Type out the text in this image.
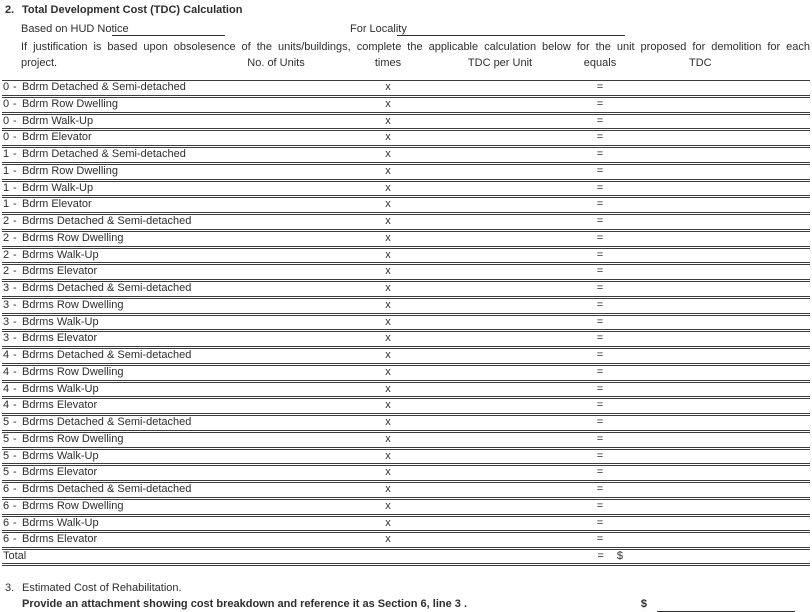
2. Total Development Cost (TDC) Calculation
Based on HUD Notice	For Locality
If justification is based upon obsolesence of the units/buildings, complete the applicable calculation below for the unit proposed for demolition for each
project.	No. of Units	times	TDC per Unit	equals	TDC
0 - Bdrm Detached & Semi-detached	x	=
0 - Bdrm Row Dwelling	x	=
0 - Bdrm Walk-Up	x	=
0 - Bdrm Elevator	x	=
1 - Bdrm Detached & Semi-detached	x	=
1 - Bdrm Row Dwelling	x	=
1 - Bdrm Walk-Up	x	=
1 - Bdrm Elevator	x	=
2 - Bdrms Detached & Semi-detached	x	=
2 - Bdrms Row Dwelling	x	=
2 - Bdrms Walk-Up	x	=
2 - Bdrms Elevator	x	=
3 - Bdrms Detached & Semi-detached	x	=
3 - Bdrms Row Dwelling	x	=
3 - Bdrms Walk-Up	x	=
3 - Bdrms Elevator	x	=
4 - Bdrms Detached & Semi-detached	x	=
4 - Bdrms Row Dwelling	x	=
4 - Bdrms Walk-Up	x	=
4 - Bdrms Elevator	x	=
5 - Bdrms Detached & Semi-detached	x	=
5 - Bdrms Row Dwelling	x	=
5 - Bdrms Walk-Up	x	=
5 - Bdrms Elevator	x	=
6 - Bdrms Detached & Semi-detached	x	=
6 - Bdrms Row Dwelling	x	=
6 - Bdrms Walk-Up	x	=
6 - Bdrms Elevator	x	=
Total	= $
3. Estimated Cost of Rehabilitation.
Provide an attachment showing cost breakdown and reference it as Section 6, line 3 .	$
